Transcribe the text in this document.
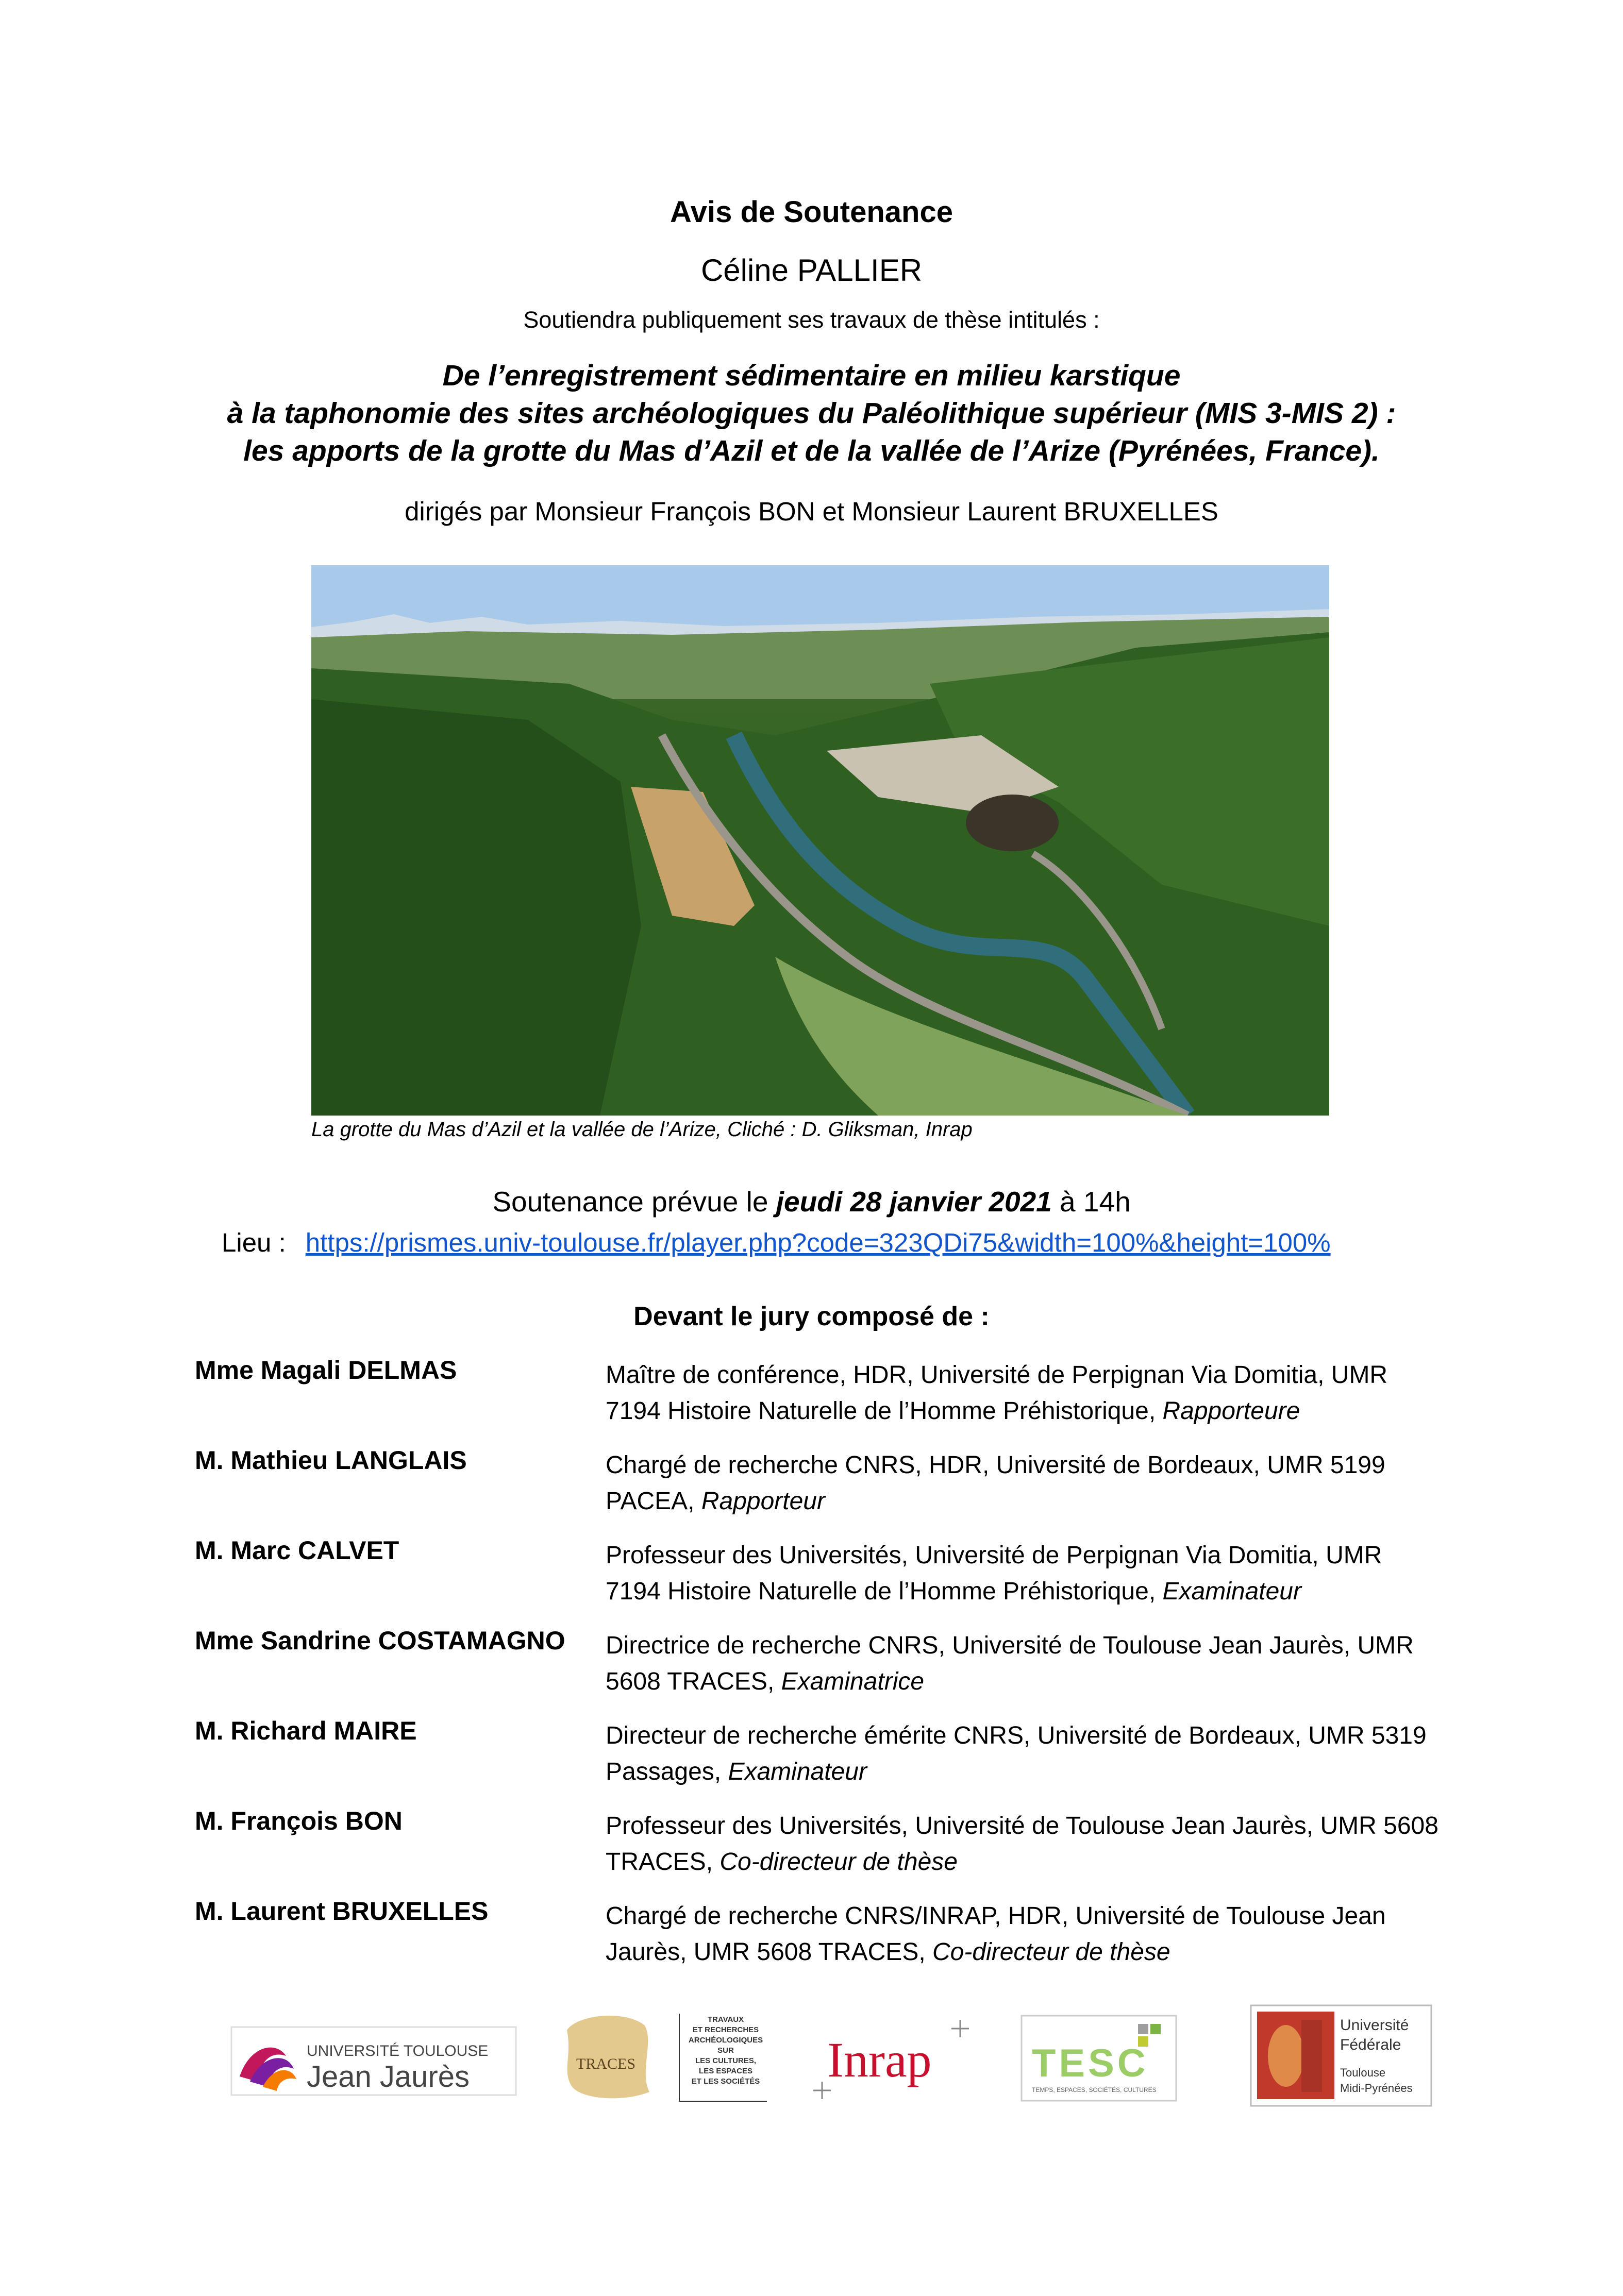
Avis de Soutenance
Céline PALLIER
Soutiendra publiquement ses travaux de thèse intitulés :
De l’enregistrement sédimentaire en milieu karstique
à la taphonomie des sites archéologiques du Paléolithique supérieur (MIS 3-MIS 2) :
les apports de la grotte du Mas d’Azil et de la vallée de l’Arize (Pyrénées, France).
dirigés par Monsieur François BON et Monsieur Laurent BRUXELLES
La grotte du Mas d’Azil et la vallée de l’Arize, Cliché : D. Gliksman, Inrap
Soutenance prévue le jeudi 28 janvier 2021 à 14h
Lieu : https://prismes.univ-toulouse.fr/player.php?code=323QDi75&width=100%&height=100%
Devant le jury composé de :
Mme Magali DELMAS	Maître de conférence, HDR, Université de Perpignan Via Domitia, UMR
7194 Histoire Naturelle de l’Homme Préhistorique, Rapporteure
M. Mathieu LANGLAIS	Chargé de recherche CNRS, HDR, Université de Bordeaux, UMR 5199
PACEA, Rapporteur
M. Marc CALVET	Professeur des Universités, Université de Perpignan Via Domitia, UMR
7194 Histoire Naturelle de l’Homme Préhistorique, Examinateur
Mme Sandrine COSTAMAGNO Directrice de recherche CNRS, Université de Toulouse Jean Jaurès, UMR
5608 TRACES, Examinatrice
M. Richard MAIRE	Directeur de recherche émérite CNRS, Université de Bordeaux, UMR 5319
Passages, Examinateur
M. François BON	Professeur des Universités, Université de Toulouse Jean Jaurès, UMR 5608
TRACES, Co-directeur de thèse
M. Laurent BRUXELLES	Chargé de recherche CNRS/INRAP, HDR, Université de Toulouse Jean
Jaurès, UMR 5608 TRACES, Co-directeur de thèse
UNIVERSITÉ TOULOUSE
Jean Jaurès	TRACES
TRAVAUX
ET RECHERCHES
ARCHÉOLOGIQUES
SUR
LES CULTURES,
LES ESPACES
ET LES SOCIÉTÉS Inrap	TESC
TEMPS, ESPACES, SOCIÉTÉS, CULTURES
Université
Fédérale
Toulouse
Midi-Pyrénées
